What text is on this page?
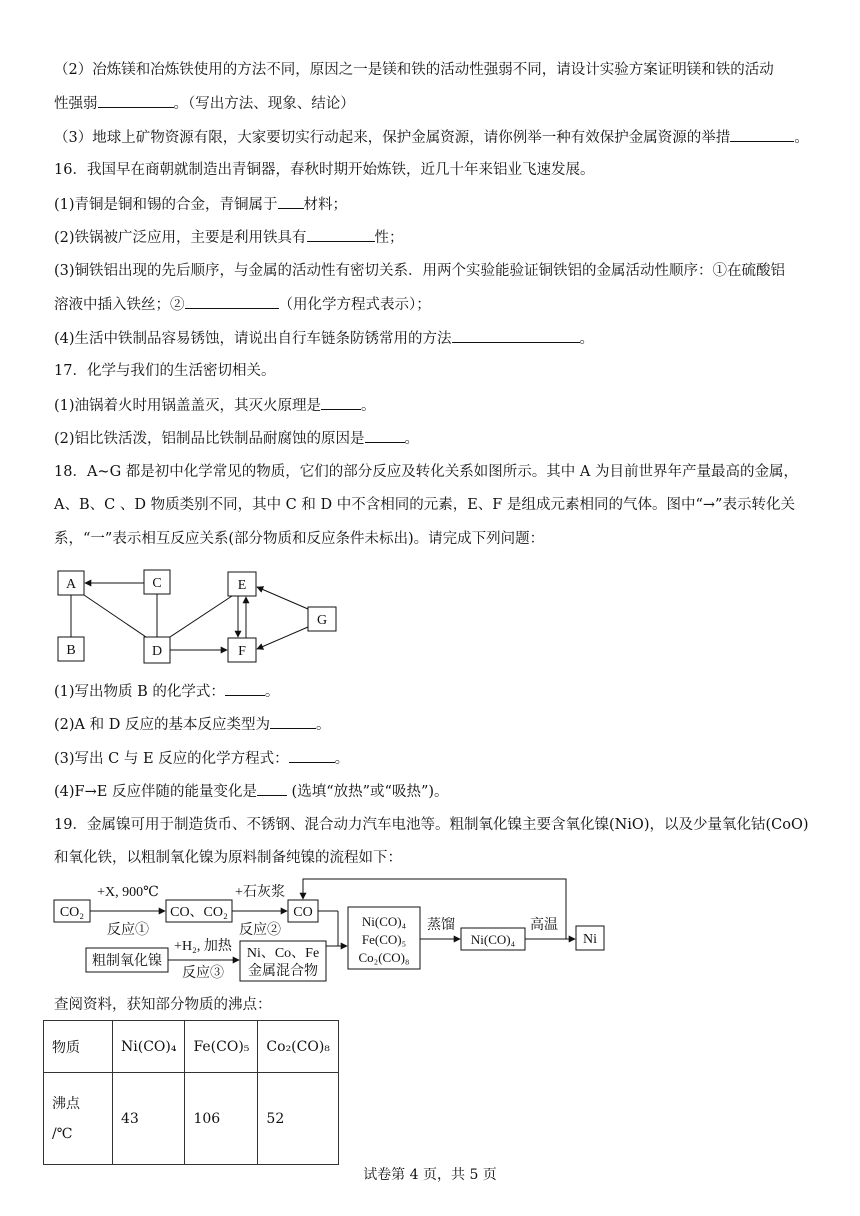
（2）冶炼镁和冶炼铁使用的方法不同，原因之一是镁和铁的活动性强弱不同，请设计实验方案证明镁和铁的活动
性强弱	。（写出方法、现象、结论）
（3）地球上矿物资源有限，大家要切实行动起来，保护金属资源，请你例举一种有效保护金属资源的举措	。
16．我国早在商朝就制造出青铜器，春秋时期开始炼铁，近几十年来铝业飞速发展。
(1)青铜是铜和锡的合金，青铜属于 材料；
(2)铁锅被广泛应用，主要是利用铁具有	性；
(3)铜铁铝出现的先后顺序，与金属的活动性有密切关系．用两个实验能验证铜铁铝的金属活动性顺序：①在硫酸铝
溶液中插入铁丝；②	（用化学方程式表示）；
(4)生活中铁制品容易锈蚀，请说出自行车链条防锈常用的方法	。
17．化学与我们的生活密切相关。
(1)油锅着火时用锅盖盖灭，其灭火原理是	。
(2)铝比铁活泼，铝制品比铁制品耐腐蚀的原因是	。
18．A~G 都是初中化学常见的物质，它们的部分反应及转化关系如图所示。其中 A 为目前世界年产量最高的金属，
A、B、C 、D 物质类别不同，其中 C 和 D 中不含相同的元素，E、F 是组成元素相同的气体。图中“→”表示转化关
系，“一”表示相互反应关系(部分物质和反应条件未标出)。请完成下列问题：
A
B
C
D
E
F
G
(1)写出物质 B 的化学式：	。
(2)A 和 D 反应的基本反应类型为	。
(3)写出 C 与 E 反应的化学方程式：	。
(4)F→E 反应伴随的能量变化是 (选填“放热”或“吸热”)。
19．金属镍可用于制造货币、不锈钢、混合动力汽车电池等。粗制氧化镍主要含氧化镍(NiO)，以及少量氧化钴(CoO)
和氧化铁，以粗制氧化镍为原料制备纯镍的流程如下：
CO₂
+X, 900℃
反应①
CO、CO₂
+石灰浆
反应②
CO
Ni(CO)₄
Fe(CO)₅
Co₂(CO)₈
蒸馏
Ni(CO)₄
高温
Ni
粗制氧化镍
+H₂, 加热
反应③
Ni、Co、Fe
金属混合物
查阅资料，获知部分物质的沸点：
物质	Ni(CO)₄	Fe(CO)₅	Co₂(CO)₈
沸点
/℃	43	106	52
试卷第 4 页，共 5 页
